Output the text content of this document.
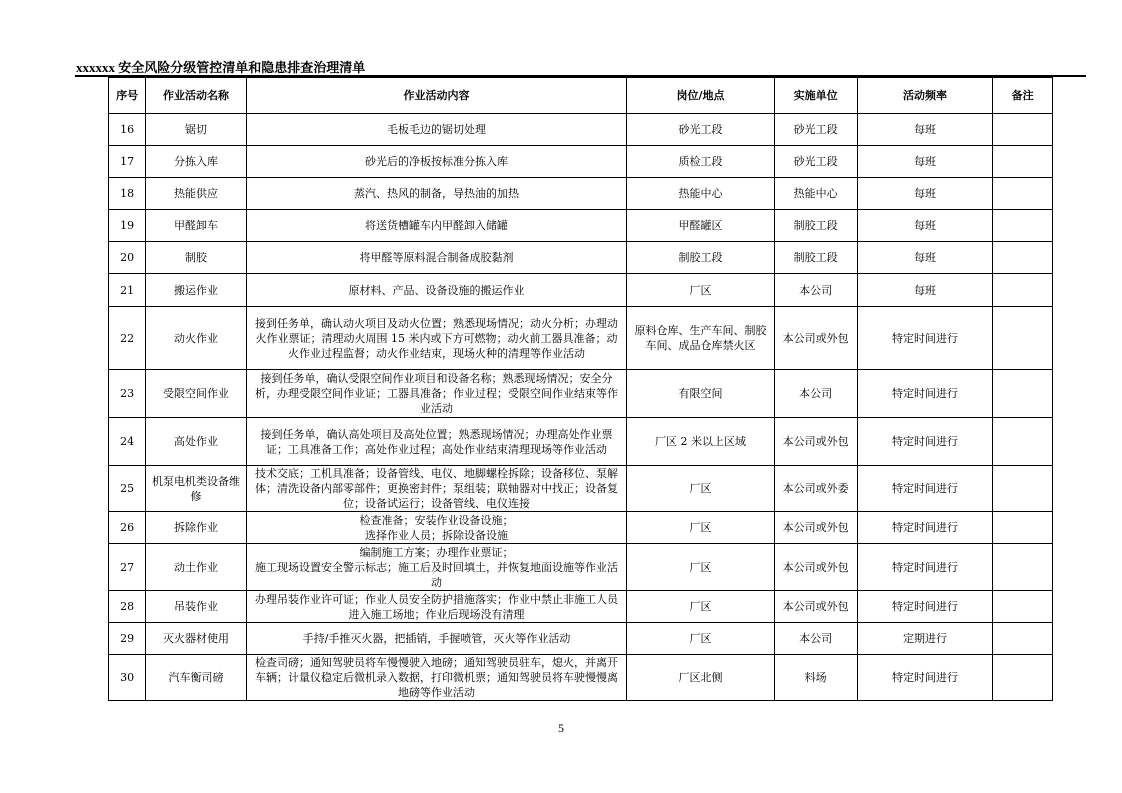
xxxxxx 安全风险分级管控清单和隐患排查治理清单
序号	作业活动名称	作业活动内容	岗位/地点	实施单位	活动频率	备注
16	锯切	毛板毛边的锯切处理	砂光工段	砂光工段	每班	
17	分拣入库	砂光后的净板按标准分拣入库	质检工段	砂光工段	每班	
18	热能供应	蒸汽、热风的制备，导热油的加热	热能中心	热能中心	每班	
19	甲醛卸车	将送货槽罐车内甲醛卸入储罐	甲醛罐区	制胶工段	每班	
20	制胶	将甲醛等原料混合制备成胶黏剂	制胶工段	制胶工段	每班	
21	搬运作业	原材料、产品、设备设施的搬运作业	厂区	本公司	每班	
22	动火作业	接到任务单，确认动火项目及动火位置；熟悉现场情况；动火分析；办理动火作业票证；清理动火周围 15 米内或下方可燃物；动火前工器具准备；动火作业过程监督；动火作业结束，现场火种的清理等作业活动	原料仓库、生产车间、制胶车间、成品仓库禁火区	本公司或外包	特定时间进行	
23	受限空间作业	接到任务单，确认受限空间作业项目和设备名称；熟悉现场情况；安全分析，办理受限空间作业证；工器具准备；作业过程；受限空间作业结束等作业活动	有限空间	本公司	特定时间进行	
24	高处作业	接到任务单，确认高处项目及高处位置；熟悉现场情况；办理高处作业票证；工具准备工作；高处作业过程；高处作业结束清理现场等作业活动	厂区 2 米以上区域	本公司或外包	特定时间进行	
25	机泵电机类设备维修	技术交底；工机具准备；设备管线、电仪、地脚螺栓拆除；设备移位、泵解体；清洗设备内部零部件；更换密封件；泵组装；联轴器对中找正；设备复位；设备试运行；设备管线、电仪连接	厂区	本公司或外委	特定时间进行	
26	拆除作业	检查准备；安装作业设备设施；
选择作业人员；拆除设备设施	厂区	本公司或外包	特定时间进行	
27	动土作业	编制施工方案；办理作业票证；
施工现场设置安全警示标志；施工后及时回填土，并恢复地面设施等作业活动	厂区	本公司或外包	特定时间进行	
28	吊装作业	办理吊装作业许可证；作业人员安全防护措施落实；作业中禁止非施工人员进入施工场地；作业后现场没有清理	厂区	本公司或外包	特定时间进行	
29	灭火器材使用	手持/手推灭火器，把插销，手握喷管，灭火等作业活动	厂区	本公司	定期进行	
30	汽车衡司磅	检查司磅；通知驾驶员将车慢慢驶入地磅；通知驾驶员驻车，熄火，并离开车辆；计量仪稳定后微机录入数据，打印微机票；通知驾驶员将车驶慢慢离地磅等作业活动	厂区北侧	料场	特定时间进行	
5
